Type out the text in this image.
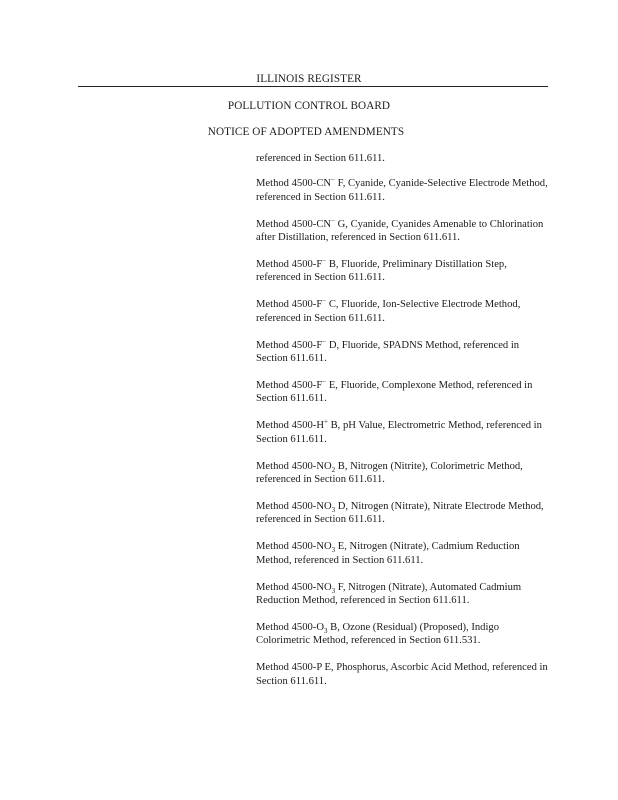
ILLINOIS REGISTER
POLLUTION CONTROL BOARD
NOTICE OF ADOPTED AMENDMENTS

referenced in Section 611.611.

Method 4500-CN− F, Cyanide, Cyanide-Selective Electrode Method, referenced in Section 611.611.

Method 4500-CN− G, Cyanide, Cyanides Amenable to Chlorination after Distillation, referenced in Section 611.611.

Method 4500-F− B, Fluoride, Preliminary Distillation Step, referenced in Section 611.611.

Method 4500-F− C, Fluoride, Ion-Selective Electrode Method, referenced in Section 611.611.

Method 4500-F− D, Fluoride, SPADNS Method, referenced in Section 611.611.

Method 4500-F− E, Fluoride, Complexone Method, referenced in Section 611.611.

Method 4500-H+ B, pH Value, Electrometric Method, referenced in Section 611.611.

Method $4500-NO_2$ B, Nitrogen (Nitrite), Colorimetric Method, referenced in Section 611.611.

Method $4500-NO_3$ D, Nitrogen (Nitrate), Nitrate Electrode Method, referenced in Section 611.611.

Method $4500-NO_3$ E, Nitrogen (Nitrate), Cadmium Reduction Method, referenced in Section 611.611.

Method $4500-NO_3$ F, Nitrogen (Nitrate), Automated Cadmium Reduction Method, referenced in Section 611.611.

Method $4500-O_3$ B, Ozone (Residual) (Proposed), Indigo Colorimetric Method, referenced in Section 611.531.

Method 4500-P E, Phosphorus, Ascorbic Acid Method, referenced in Section 611.611.
